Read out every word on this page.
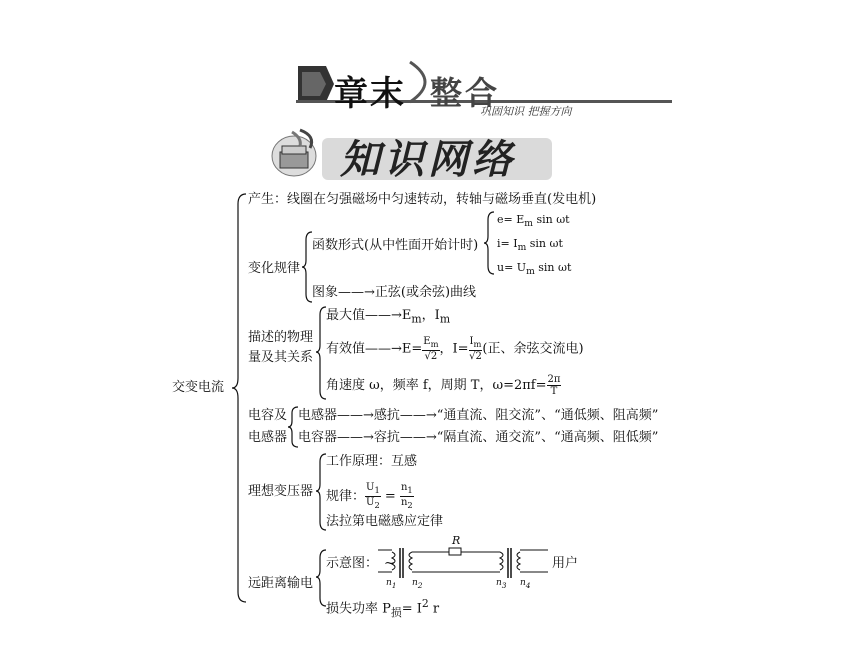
章末 整合
巩固知识 把握方向
知识网络
交变电流
产生：线圈在匀强磁场中匀速转动，转轴与磁场垂直(发电机)
变化规律
函数形式(从中性面开始计时)
$e= E_m$ sin ωt
$i= I_m$ sin ωt
$u= U_m$ sin ωt
图象——→正弦(或余弦)曲线
描述的物理
量及其关系
最大值$——\to E_m$，$I_m$
有效值——→E= $\frac{E_m}{√2}$ ，$I= \frac{I_m}{√2}$ (正、余弦交流电)
角速度 ω，频率 f，周期 T，$\omega=2\pi f= \frac{2\pi}{T}$
电容及
电感器
电感器——→感抗——→“通直流、阻交流”、“通低频、阻高频”
电容器——→容抗——→“隔直流、通交流”、“通高频、阻低频”
理想变压器
工作原理：互感
规律： $\frac{U_1}{U_2} = \frac{n_1}{n_2}$
法拉第电磁感应定律
远距离输电
示意图： ~
R
用户
$n_1$ $n_2$	$n_3$ $n_4$
损失功率 $P_损= I^2$ r
